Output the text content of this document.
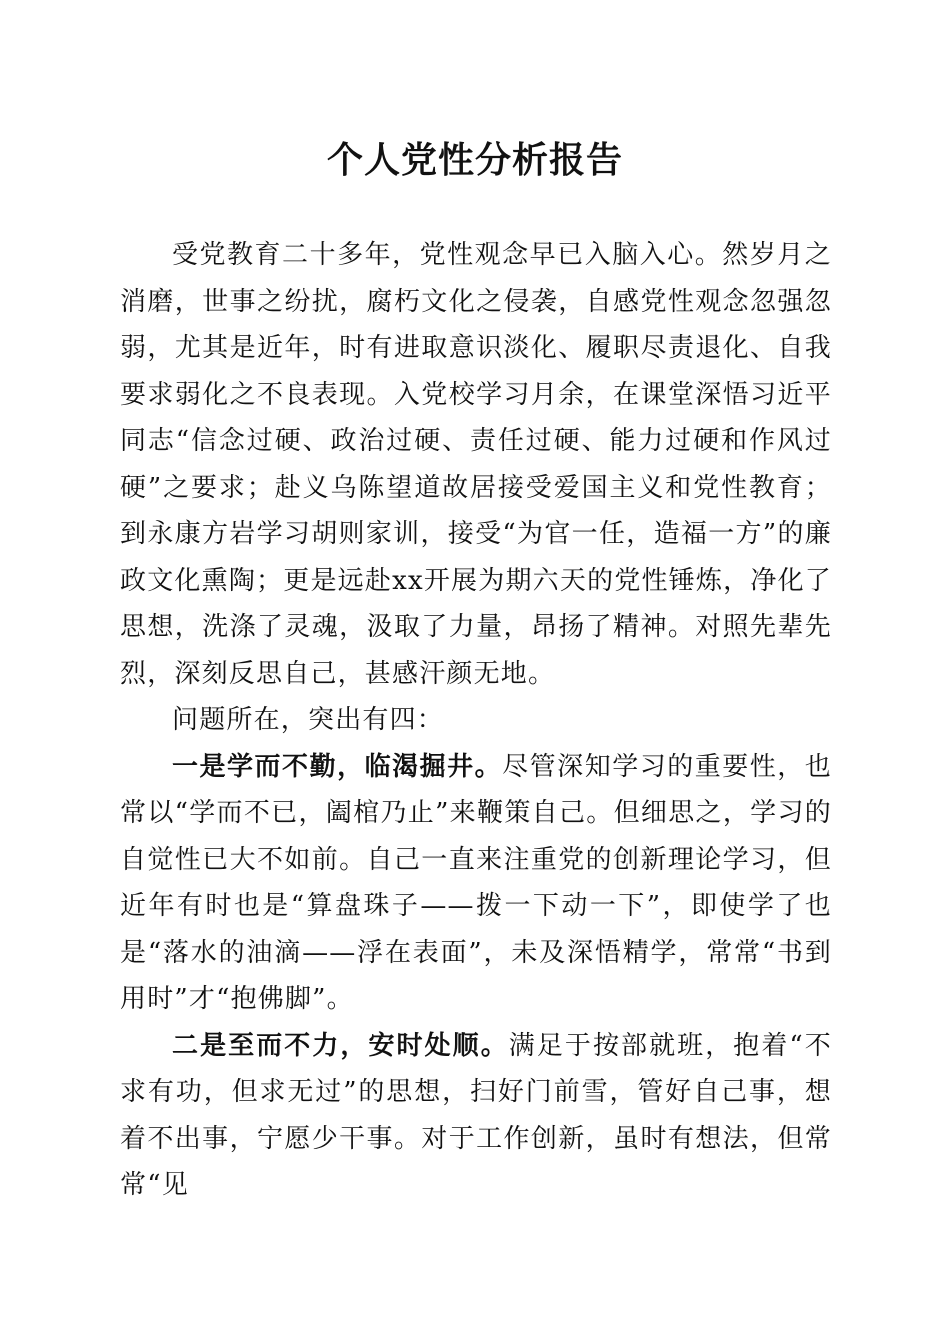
个人党性分析报告

受党教育二十多年，党性观念早已入脑入心。然岁月之消磨，世事之纷扰，腐朽文化之侵袭，自感党性观念忽强忽弱，尤其是近年，时有进取意识淡化、履职尽责退化、自我要求弱化之不良表现。入党校学习月余，在课堂深悟习近平同志“信念过硬、政治过硬、责任过硬、能力过硬和作风过硬”之要求；赴义乌陈望道故居接受爱国主义和党性教育；到永康方岩学习胡则家训，接受“为官一任，造福一方”的廉政文化熏陶；更是远赴xx开展为期六天的党性锤炼，净化了思想，洗涤了灵魂，汲取了力量，昂扬了精神。对照先辈先烈，深刻反思自己，甚感汗颜无地。

问题所在，突出有四：

一是学而不勤，临渴掘井。尽管深知学习的重要性，也常以“学而不已，阖棺乃止”来鞭策自己。但细思之，学习的自觉性已大不如前。自己一直来注重党的创新理论学习，但近年有时也是“算盘珠子——拨一下动一下”，即使学了也是“落水的油滴——浮在表面”，未及深悟精学，常常“书到用时”才“抱佛脚”。

二是至而不力，安时处顺。满足于按部就班，抱着“不求有功，但求无过”的思想，扫好门前雪，管好自己事，想着不出事，宁愿少干事。对于工作创新，虽时有想法，但常常“见
